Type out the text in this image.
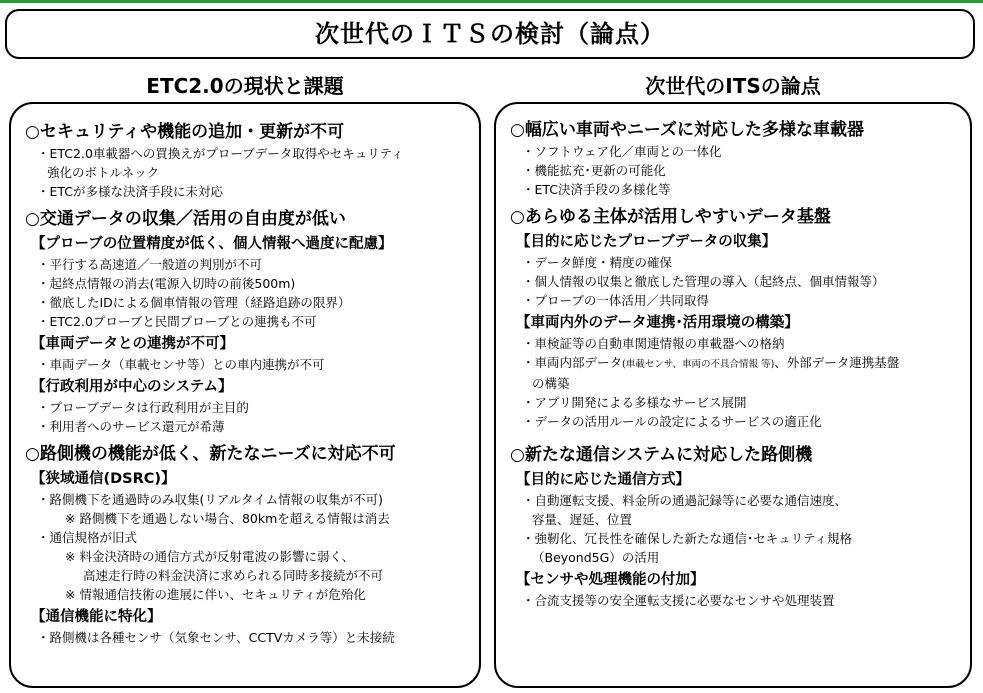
次世代のＩＴＳの検討（論点）
ETC2.0の現状と課題	次世代のITSの論点
○セキュリティや機能の追加・更新が不可
・ETC2.0車載器への買換えがプローブデータ取得やセキュリティ
強化のボトルネック
・ETCが多様な決済手段に未対応
○交通データの収集／活用の自由度が低い
【プローブの位置精度が低く、個人情報へ過度に配慮】
・平行する高速道／一般道の判別が不可
・起終点情報の消去(電源入切時の前後500m)
・徹底したIDによる個車情報の管理（経路追跡の限界）
・ETC2.0プローブと民間プローブとの連携も不可
【車両データとの連携が不可】
・車両データ（車載センサ等）との車内連携が不可
【行政利用が中心のシステム】
・プローブデータは行政利用が主目的
・利用者へのサービス還元が希薄
○路側機の機能が低く、新たなニーズに対応不可
【狭域通信(DSRC)】
・路側機下を通過時のみ収集(リアルタイム情報の収集が不可)
※ 路側機下を通過しない場合、80kmを超える情報は消去
・通信規格が旧式
※ 料金決済時の通信方式が反射電波の影響に弱く、
高速走行時の料金決済に求められる同時多接続が不可
※ 情報通信技術の進展に伴い、セキュリティが危殆化
【通信機能に特化】
・路側機は各種センサ（気象センサ、CCTVカメラ等）と未接続
○幅広い車両やニーズに対応した多様な車載器
・ソフトウェア化／車両との一体化
・機能拡充･更新の可能化
・ETC決済手段の多様化等
○あらゆる主体が活用しやすいデータ基盤
【目的に応じたプローブデータの収集】
・データ鮮度・精度の確保
・個人情報の収集と徹底した管理の導入（起終点、個車情報等）
・プローブの一体活用／共同取得
【車両内外のデータ連携･活用環境の構築】
・車検証等の自動車関連情報の車載器への格納
・車両内部データ(車載センサ、車両の不具合情報 等)、外部データ連携基盤
の構築
・アプリ開発による多様なサービス展開
・データの活用ルールの設定によるサービスの適正化
○新たな通信システムに対応した路側機
【目的に応じた通信方式】
・自動運転支援、料金所の通過記録等に必要な通信速度、
容量、遅延、位置
・強靭化、冗長性を確保した新たな通信･セキュリティ規格
（Beyond5G）の活用
【センサや処理機能の付加】
・合流支援等の安全運転支援に必要なセンサや処理装置
